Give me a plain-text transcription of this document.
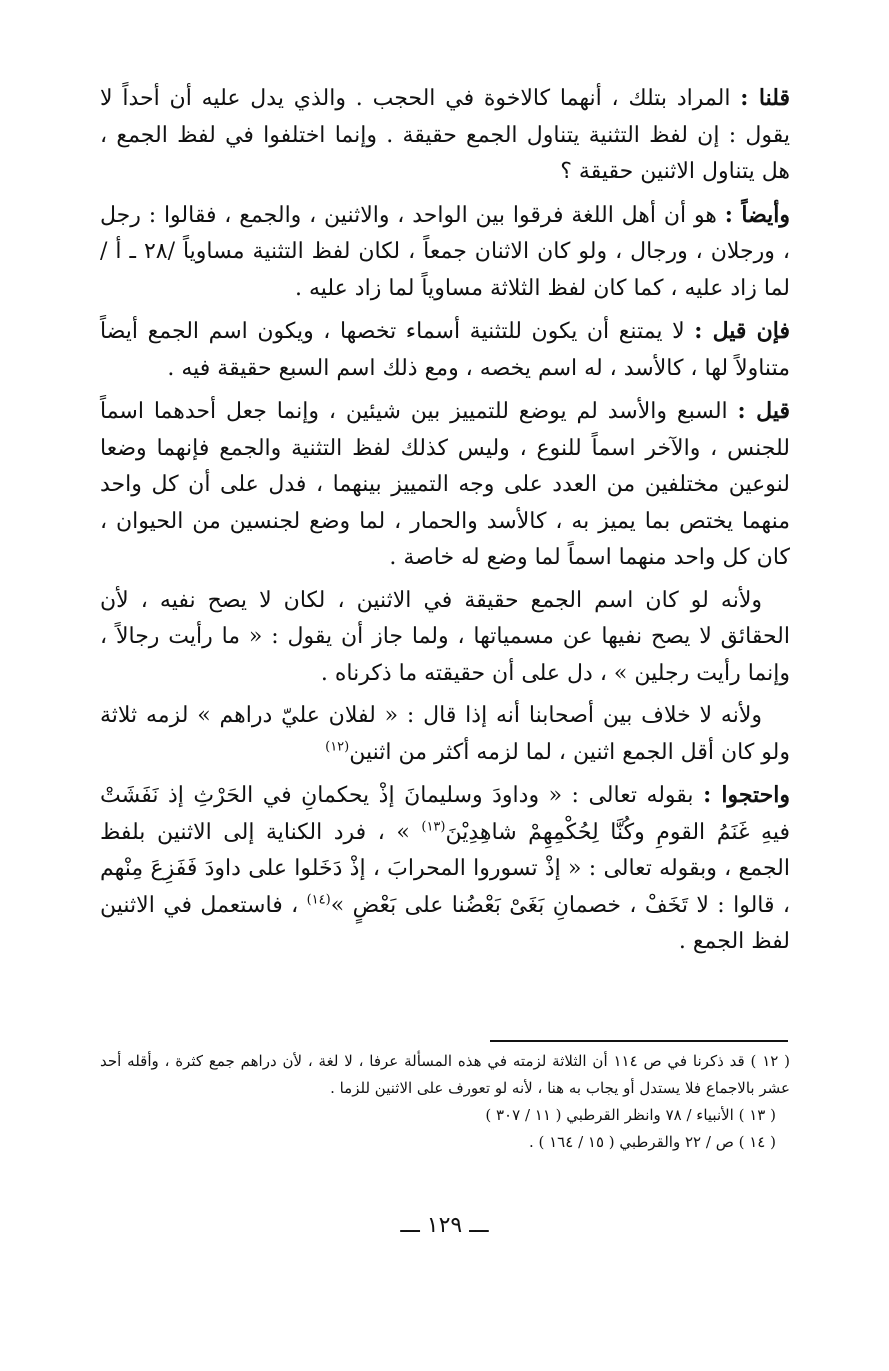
قلنا : المراد بتلك ، أنهما كالاخوة في الحجب . والذي يدل عليه أن أحداً لا يقول : إن لفظ التثنية يتناول الجمع حقيقة . وإنما اختلفوا في لفظ الجمع ، هل يتناول الاثنين حقيقة ؟

وأيضاً : هو أن أهل اللغة فرقوا بين الواحد ، والاثنين ، والجمع ، فقالوا : رجل ، ورجلان ، ورجال ، ولو كان الاثنان جمعاً ، لكان لفظ التثنية مساوياً /٢٨ ـ أ / لما زاد عليه ، كما كان لفظ الثلاثة مساوياً لما زاد عليه .

فإن قيل : لا يمتنع أن يكون للتثنية أسماء تخصها ، ويكون اسم الجمع أيضاً متناولاً لها ، كالأسد ، له اسم يخصه ، ومع ذلك اسم السبع حقيقة فيه .

قيل : السبع والأسد لم يوضع للتمييز بين شيئين ، وإنما جعل أحدهما اسماً للجنس ، والآخر اسماً للنوع ، وليس كذلك لفظ التثنية والجمع فإنهما وضعا لنوعين مختلفين من العدد على وجه التمييز بينهما ، فدل على أن كل واحد منهما يختص بما يميز به ، كالأسد والحمار ، لما وضع لجنسين من الحيوان ، كان كل واحد منهما اسماً لما وضع له خاصة .

ولأنه لو كان اسم الجمع حقيقة في الاثنين ، لكان لا يصح نفيه ، لأن الحقائق لا يصح نفيها عن مسمياتها ، ولما جاز أن يقول : « ما رأيت رجالاً ، وإنما رأيت رجلين » ، دل على أن حقيقته ما ذكرناه .

ولأنه لا خلاف بين أصحابنا أنه إذا قال : « لفلان عليّ دراهم » لزمه ثلاثة ولو كان أقل الجمع اثنين ، لما لزمه أكثر من اثنين$^{(١٢)}$

واحتجوا : بقوله تعالى : « وداودَ وسليمانَ إذْ يحكمانِ في الحَرْثِ إذ نَفَشَتْ فيهِ غَنَمُ القومِ وكُنَّا لِحُكْمِهِمْ شاهِدِيْنَ$^{(١٣)}$ » ، فرد الكناية إلى الاثنين بلفظ الجمع ، وبقوله تعالى : « إذْ تسوروا المحرابَ ، إذْ دَخَلوا على داودَ فَفَزِعَ مِنْهم ، قالوا : لا تَخَفْ ، خصمانِ بَغَىْ بَعْضُنا على بَعْضٍ »$^{(١٤)}$ ، فاستعمل في الاثنين لفظ الجمع .

( ١٢ ) قد ذكرنا في ص ١١٤ أن الثلاثة لزمته في هذه المسألة عرفا ، لا لغة ، لأن دراهم جمع كثرة ، وأقله أحد عشر بالاجماع فلا يستدل أو يجاب به هنا ، لأنه لو تعورف على الاثنين للزما .

( ١٣ ) الأنبياء / ٧٨ وانظر القرطبي ( ١١ / ٣٠٧ )

( ١٤ ) ص / ٢٢ والقرطبي ( ١٥ / ١٦٤ ) .

ـــ ١٢٩ ـــ
